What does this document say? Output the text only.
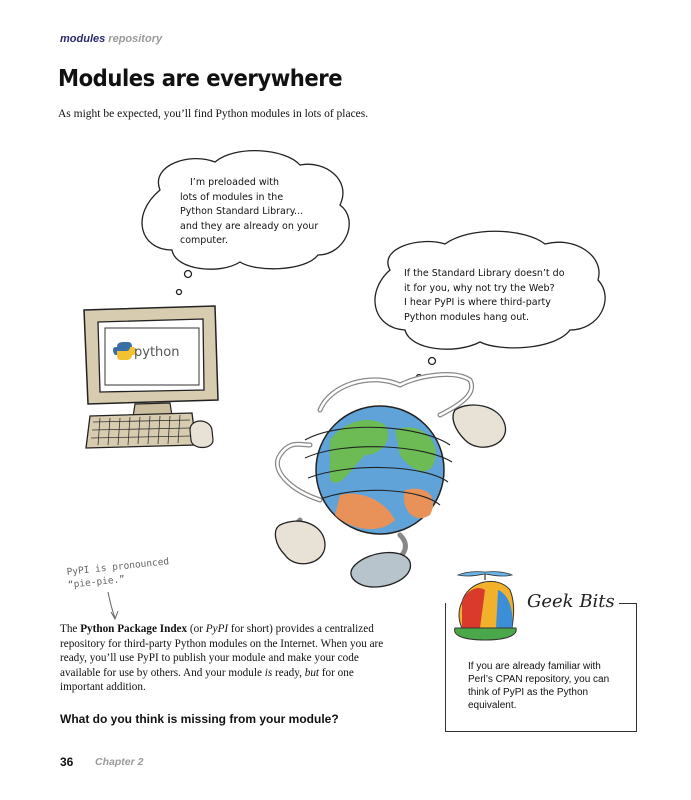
modules repository
Modules are everywhere
As might be expected, you’ll find Python modules in lots of places.
python
I’m preloaded with
lots of modules in the
Python Standard Library...
and they are already on your
computer.
If the Standard Library doesn’t do
it for you, why not try the Web?
I hear PyPI is where third-party
Python modules hang out.
PyPI is pronounced
“pie-pie.”
The Python Package Index (or PyPI for short) provides a centralized repository for third-party Python modules on the Internet. When you are ready, you’ll use PyPI to publish your module and make your code available for use by others. And your module is ready, but for one important addition.
What do you think is missing from your module?
Geek Bits
If you are already familiar with Perl’s CPAN repository, you can think of PyPI as the Python equivalent.
36 Chapter 2
